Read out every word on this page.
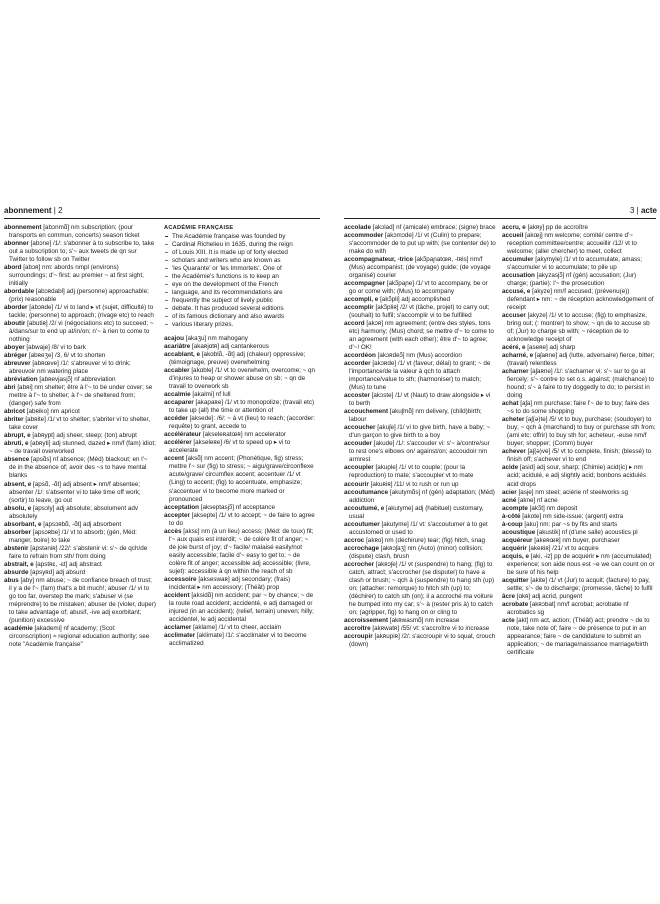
abonnement | 2	3 | acte

abonnement [abɔnmɑ̃] nm subscription; (pour transports en commun, concerts) season ticket

abonner [abɔne] /1/: s'abonner à to subscribe to, take out a subscription to; s'~ aux tweets de qn sur Twitter to follow sb on Twitter

abord [abɔʀ] nm: abords nmpl (environs) surroundings; d'~ first; au premier ~ at first sight, initially

abordable [abɔʀdabl] adj (personne) approachable; (prix) reasonable

aborder [abɔʀde] /1/ vi to land ▸ vt (sujet, difficulté) to tackle; (personne) to approach; (rivage etc) to reach

aboutir [abutiʀ] /2/ vi (négociations etc) to succeed; ~ à/dans/sur to end up at/in/on; n'~ à rien to come to nothing

aboyer [abwaje] /8/ vi to bark

abréger [abʀeʒe] /3, 6/ vt to shorten

abreuver [abʀœve] /1/: s'abreuver vi to drink; abreuvoir nm watering place

abréviation [abʀevjasjɔ̃] nf abbreviation

abri [abʀi] nm shelter; être à l'~ to be under cover; se mettre à l'~ to shelter; à l'~ de sheltered from; (danger) safe from

abricot [abʀiko] nm apricot

abriter [abʀite] /1/ vt to shelter; s'abriter vi to shelter, take cover

abrupt, e [abʀypt] adj sheer, steep; (ton) abrupt

abruti, e [abʀyti] adj stunned, dazed ▸ nm/f (fam) idiot; ~ de travail overworked

absence [apsɑ̃s] nf absence; (Méd) blackout; en l'~ de in the absence of; avoir des ~s to have mental blanks

absent, e [apsɑ̃, -ɑ̃t] adj absent ▸ nm/f absentee; absenter /1/: s'absenter vi to take time off work; (sortir) to leave, go out

absolu, e [apsɔly] adj absolute; absolument adv absolutely

absorbant, e [apsɔʀbɑ̃, -ɑ̃t] adj absorbent

absorber [apsɔʀbe] /1/ vt to absorb; (gén, Méd: manger, boire) to take

abstenir [apstəniʀ] /22/: s'abstenir vi: s'~ de qch/de faire to refrain from sth/ from doing

abstrait, e [apstʀɛ, -ɛt] adj abstract

absurde [apsyʀd] adj absurd

abus [aby] nm abuse; ~ de confiance breach of trust; il y a de l'~ (fam) that's a bit much!; abuser /1/ vi to go too far, overstep the mark; s'abuser vi (se méprendre) to be mistaken; abuser de (violer, duper) to take advantage of; abusif, -ive adj exorbitant; (punition) excessive

académie [akademi] nf academy; (Scol: circonscription) ≈ regional education authority; see note "Académie française"

ACADÉMIE FRANÇAISE
The Académie française was founded by
Cardinal Richelieu in 1635, during the reign
of Louis XIII. It is made up of forty elected
scholars and writers who are known as
'les Quarante' or 'les Immortels'. One of
the Académie's functions is to keep an
eye on the development of the French
language, and its recommendations are
frequently the subject of lively public
debate. It has produced several editions
of its famous dictionary and also awards
various literary prizes.

acajou [akaʒu] nm mahogany

acariâtre [akaʀjɑtʀ] adj cantankerous

accablant, e [akɑblɑ̃, -ɑ̃t] adj (chaleur) oppressive; (témoignage, preuve) overwhelming

accabler [akɑble] /1/ vt to overwhelm, overcome; ~ qn d'injures to heap or shower abuse on sb; ~ qn de travail to overwork sb

accalmie [akalmi] nf lull

accaparer [akapaʀe] /1/ vt to monopolize; (travail etc) to take up (all) the time or attention of

accéder [aksede]: /6/: ~ à vt (lieu) to reach; (accorder: requête) to grant, accede to

accélérateur [akseleʀatœʀ] nm accelerator

accélérer [akseleʀe] /6/ vt to speed up ▸ vi to accelerate

accent [aksɑ̃] nm accent; (Phonétique, fig) stress; mettre l'~ sur (fig) to stress; ~ aigu/grave/circonflexe acute/grave/ circumflex accent; accentuer /1/ vt (Ling) to accent; (fig) to accentuate, emphasize; s'accentuer vi to become more marked or pronounced

acceptation [akseptasjɔ̃] nf acceptance

accepter [aksepte] /1/ vt to accept; ~ de faire to agree to do

accès [aksɛ] nm (à un lieu) access; (Méd: de toux) fit; l'~ aux quais est interdit; ~ de colère fit of anger; ~ de joie burst of joy; d'~ facile/ malaisé easily/not easily accessible; facile d'~ easy to get to; ~ de colère fit of anger; accessible adj accessible; (livre, sujet): accessible à qn within the reach of sb

accessoire [akseswaʀ] adj secondary; (frais) incidental ▸ nm accessory; (Théât) prop

accident [aksidɑ̃] nm accident; par ~ by chance; ~ de la route road accident; accidenté, e adj damaged or injured (in an accident); (relief, terrain) uneven; hilly; accidentel, le adj accidental

acclamer [aklame] /1/ vt to cheer, acclaim

acclimater [aklimate] /1/: s'acclimater vi to become acclimatized

accolade [akɔlad] nf (amicale) embrace; (signe) brace

accommoder [akɔmɔde] /1/ vt (Culin) to prepare; s'accommoder de to put up with; (se contenter de) to make do with

accompagnateur, -trice [akɔ̃paɲatœʀ, -tʀis] nm/f (Mus) accompanist; (de voyage) guide; (de voyage organisé) courier

accompagner [akɔ̃paɲe] /1/ vt to accompany, be or go or come with; (Mus) to accompany

accompli, e [akɔ̃pli] adj accomplished

accomplir [akɔ̃pliʀ] /2/ vt (tâche, projet) to carry out; (souhait) to fulfil; s'accomplir vi to be fulfilled

accord [akɔʀ] nm agreement; (entre des styles, tons etc) harmony; (Mus) chord; se mettre d'~ to come to an agreement (with each other); être d'~ to agree; d'~! OK!

accordéon [akɔʀdeɔ̃] nm (Mus) accordion

accorder [akɔʀde] /1/ vt (faveur, délai) to grant; ~ de l'importance/de la valeur à qch to attach importance/value to sth; (harmoniser) to match; (Mus) to tune

accoster [akɔste] /1/ vt (Naut) to draw alongside ▸ vi to berth

accouchement [akuʃmɑ̃] nm delivery, (child)birth; labour

accoucher [akuʃe] /1/ vi to give birth, have a baby; ~ d'un garçon to give birth to a boy

accouder [akude] /1/: s'accouder vi: s'~ à/contre/sur to rest one's elbows on/ against/on; accoudoir nm armrest

accoupler [akuple] /1/ vt to couple; (pour la reproduction) to mate; s'accoupler vt to mate

accourir [akuʀiʀ] /11/ vi to rush or run up

accoutumance [akutymɑ̃s] nf (gén) adaptation; (Méd) addiction

accoutumé, e [akutyme] adj (habituel) customary, usual

accoutumer [akutyme] /1/ vt: s'accoutumer à to get accustomed or used to

accroc [akʀo] nm (déchirure) tear; (fig) hitch, snag

accrochage [akʀɔʃaʒ] nm (Auto) (minor) collision; (dispute) clash, brush

accrocher [akʀɔʃe] /1/ vt (suspendre) to hang; (fig) to catch, attract; s'accrocher (se disputer) to have a clash or brush; ~ qch à (suspendre) to hang sth (up) on; (attacher: remorque) to hitch sth (up) to; (déchirer) to catch sth (on); il a accroché ma voiture he bumped into my car; s'~ à (rester pris à) to catch on; (agripper, fig) to hang on or cling to

accroissement [akʀwasmɑ̃] nm increase

accroître [akʀwatʀ] /55/ vt: s'accroître vi to increase

accroupir [akʀupiʀ] /2/: s'accroupir vi to squat, crouch (down)

accru, e [akʀy] pp de accroître

accueil [akœj] nm welcome; comité/ centre d'~ reception committee/centre; accueillir /12/ vt to welcome; (aller chercher) to meet, collect

accumuler [akymyle] /1/ vt to accumulate, amass; s'accumuler vi to accumulate; to pile up

accusation [akyzasjɔ̃] nf (gén) accusation; (Jur) charge; (partie): l'~ the prosecution

accusé, e [akyze] nm/f accused; (prévenu(e)) defendant ▸ nm: ~ de réception acknowledgement of receipt

accuser [akyze] /1/ vt to accuse; (fig) to emphasize, bring out; (: montrer) to show; ~ qn de to accuse sb of; (Jur) to charge sb with; ~ réception de to acknowledge receipt of

acéré, e [aseʀe] adj sharp

acharné, e [aʃaʀne] adj (lutte, adversaire) fierce, bitter; (travail) relentless

acharner [aʃaʀne] /1/: s'acharner vi: s'~ sur to go at fiercely; s'~ contre to set o.s. against; (malchance) to hound; s'~ à faire to try doggedly to do; to persist in doing

achat [aʃa] nm purchase; faire l'~ de to buy; faire des ~s to do some shopping

acheter [aʃ(ə)te] /5/ vt to buy, purchase; (soudoyer) to buy; ~ qch à (marchand) to buy or purchase sth from; (ami etc: offrir) to buy sth for; acheteur, -euse nm/f buyer; shopper; (Comm) buyer

achever [aʃ(ə)ve] /5/ vt to complete, finish; (blessé) to finish off; s'achever vi to end

acide [asid] adj sour, sharp; (Chimie) acid(ic) ▸ nm acid; acidulé, e adj slightly acid; bonbons acidulés acid drops

acier [asje] nm steel; aciérie nf steelworks sg

acné [akne] nf acne

acompte [akɔ̃t] nm deposit

à-côté [akote] nm side-issue; (argent) extra

à-coup [aku] nm: par ~s by fits and starts

acoustique [akustik] nf (d'une salle) acoustics pl

acquéreur [akeʀœʀ] nm buyer, purchaser

acquérir [akeʀiʀ] /21/ vt to acquire

acquis, e [aki, -iz] pp de acquérir ▸ nm (accumulated) experience; son aide nous est ~e we can count on or be sure of his help

acquitter [akite] /1/ vt (Jur) to acquit; (facture) to pay, settle; s'~ de to discharge; (promesse, tâche) to fulfil

âcre [ɑkʀ] adj acrid, pungent

acrobate [akʀɔbat] nm/f acrobat; acrobatie nf acrobatics sg

acte [akt] nm act, action; (Théât) act; prendre ~ de to note, take note of; faire ~ de présence to put in an appearance; faire ~ de candidature to submit an application; ~ de mariage/naissance marriage/birth certificate
